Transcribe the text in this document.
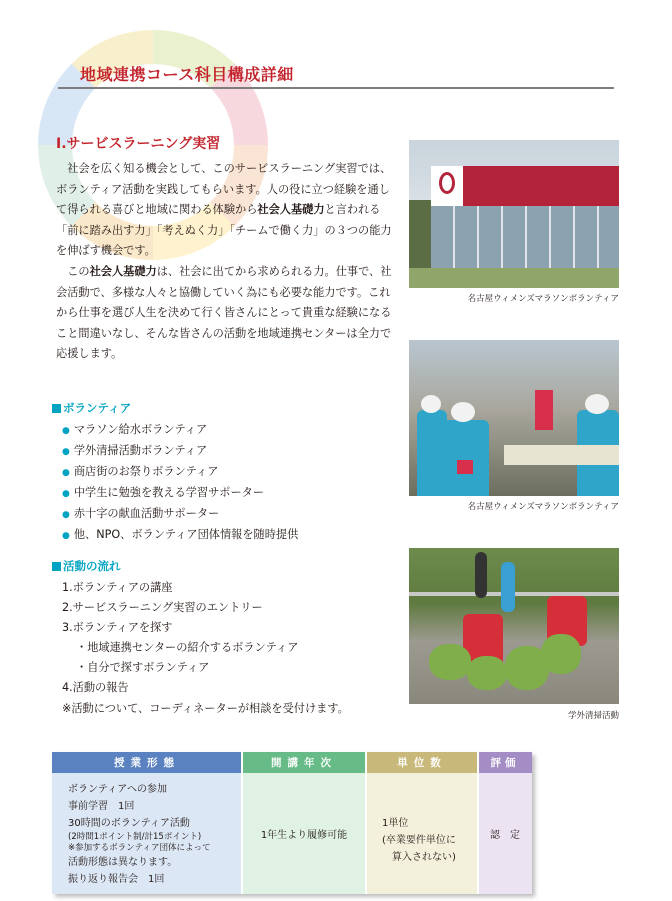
地域連携コース科目構成詳細
Ⅰ.サービスラーニング実習

　社会を広く知る機会として、このサービスラーニング実習では、ボランティア活動を実践してもらいます。人の役に立つ経験を通して得られる喜びと地域に関わる体験から社会人基礎力と言われる「前に踏み出す力」「考えぬく力」「チームで働く力」の３つの能力を伸ばす機会です。

　この社会人基礎力は、社会に出てから求められる力。仕事で、社会活動で、多様な人々と協働していく為にも必要な能力です。これから仕事を選び人生を決めて行く皆さんにとって貴重な経験になること間違いなし、そんな皆さんの活動を地域連携センターは全力で応援します。

ボランティア
● マラソン給水ボランティア
● 学外清掃活動ボランティア
● 商店街のお祭りボランティア
● 中学生に勉強を教える学習サポーター
● 赤十字の献血活動サポーター
● 他、NPO、ボランティア団体情報を随時提供
活動の流れ
1.ボランティアの講座
2.サービスラーニング実習のエントリー
3.ボランティアを探す
・地域連携センターの紹介するボランティア
・自分で探すボランティア
4.活動の報告
※活動について、コーディネーターが相談を受付けます。
名古屋ウィメンズマラソンボランティア
名古屋ウィメンズマラソンボランティア
学外清掃活動
授業形態
ボランティアへの参加
事前学習　1回
30時間のボランティア活動
(2時間1ポイント制/計15ポイント)
※参加するボランティア団体によって
活動形態は異なります。
振り返り報告会　1回
開講年次
1年生より履修可能
単位数
1単位
(卒業要件単位に
算入されない)
評価
認　定
